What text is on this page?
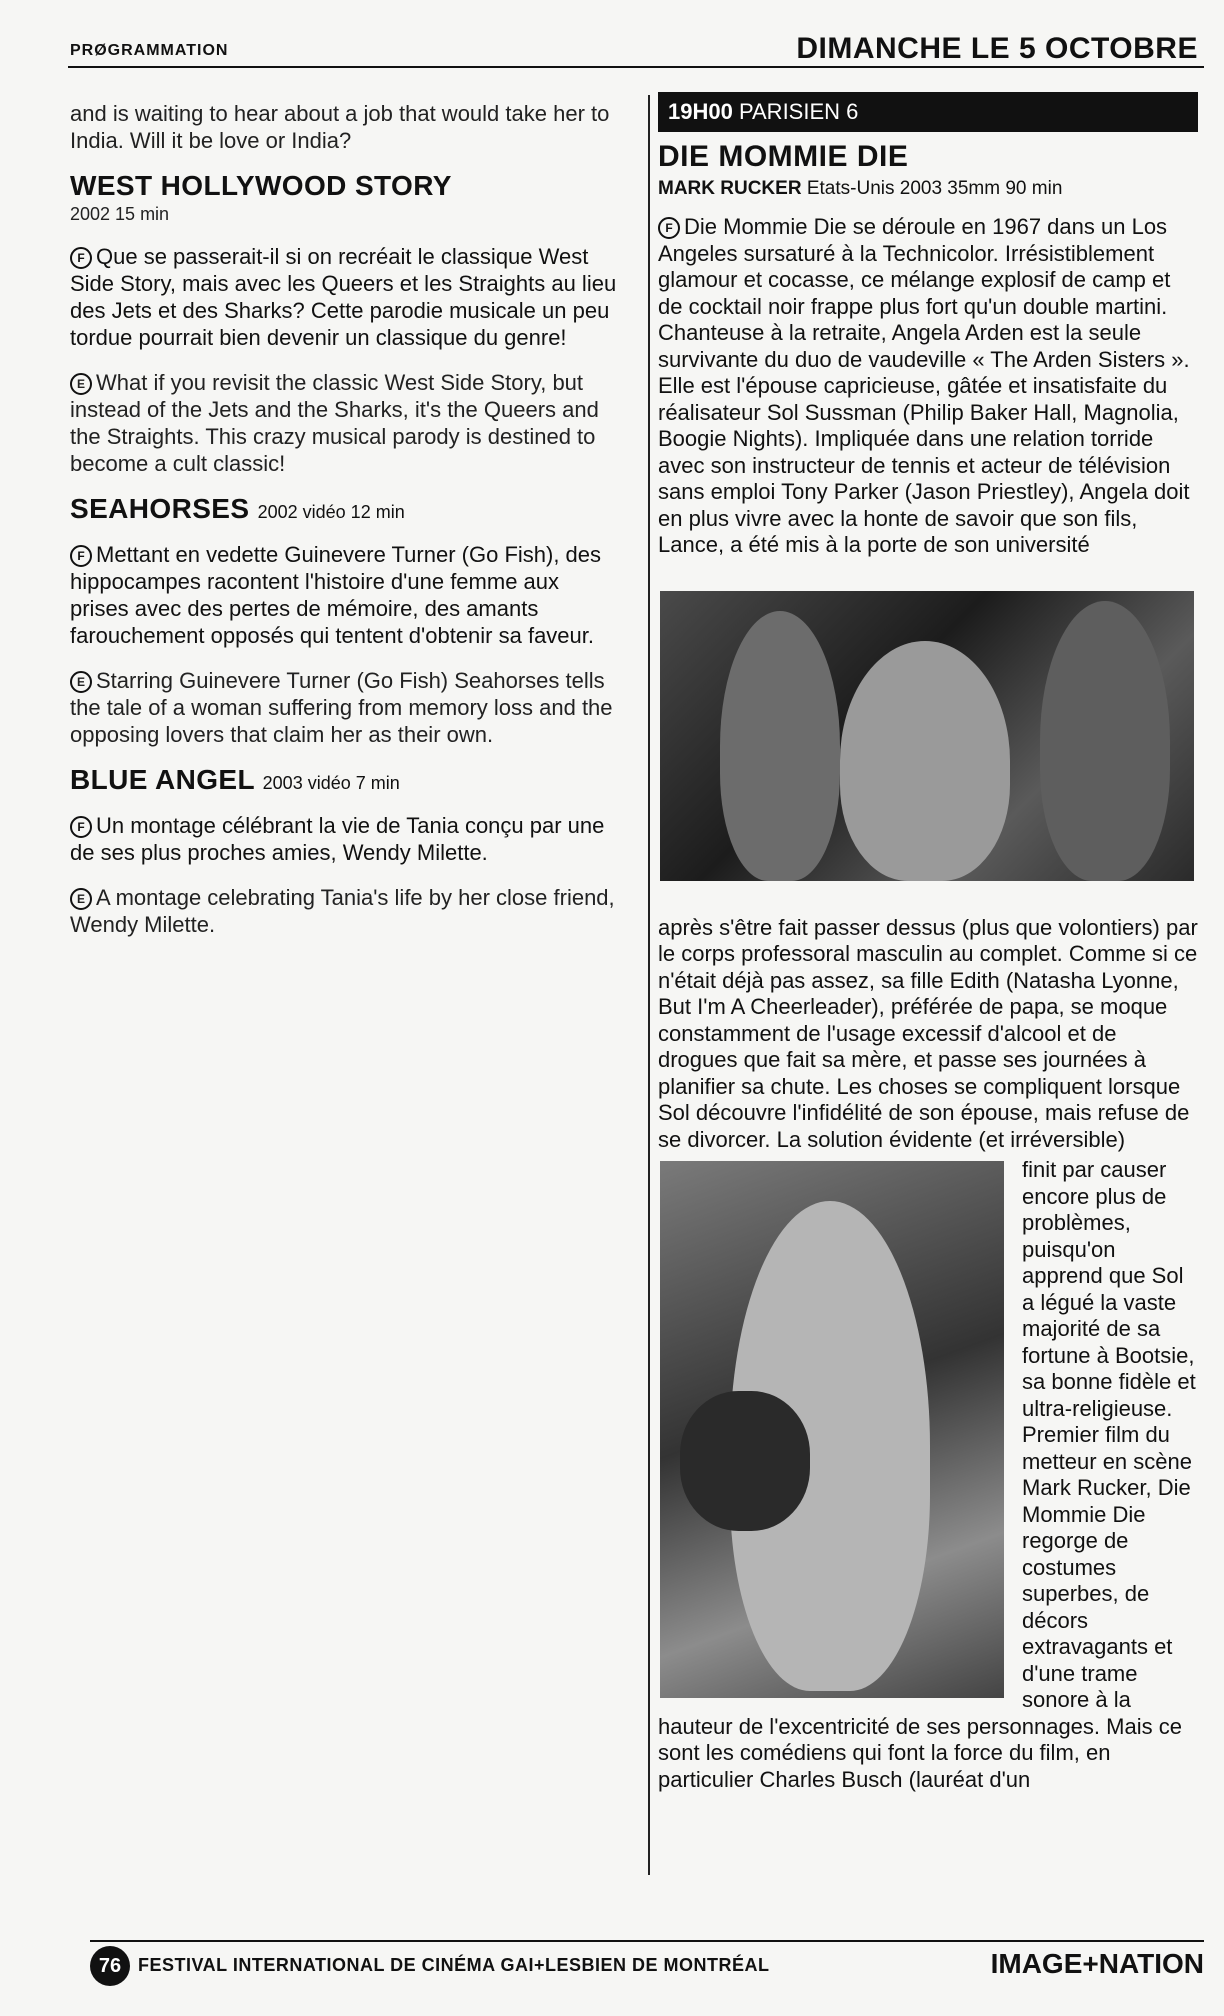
PRØGRAMMATION	DIMANCHE LE 5 OCTOBRE

and is waiting to hear about a job that would take her to India. Will it be love or India?

WEST HOLLYWOOD STORY
2002 15 min

F Que se passerait-il si on recréait le classique West Side Story, mais avec les Queers et les Straights au lieu des Jets et des Sharks? Cette parodie musicale un peu tordue pourrait bien devenir un classique du genre!

E What if you revisit the classic West Side Story, but instead of the Jets and the Sharks, it's the Queers and the Straights. This crazy musical parody is destined to become a cult classic!

SEAHORSES 2002 vidéo 12 min

F Mettant en vedette Guinevere Turner (Go Fish), des hippocampes racontent l'histoire d'une femme aux prises avec des pertes de mémoire, des amants farouchement opposés qui tentent d'obtenir sa faveur.

E Starring Guinevere Turner (Go Fish) Seahorses tells the tale of a woman suffering from memory loss and the opposing lovers that claim her as their own.

BLUE ANGEL 2003 vidéo 7 min

F Un montage célébrant la vie de Tania conçu par une de ses plus proches amies, Wendy Milette.

E A montage celebrating Tania's life by her close friend, Wendy Milette.

19H00 PARISIEN 6
DIE MOMMIE DIE
MARK RUCKER Etats-Unis 2003 35mm 90 min

F Die Mommie Die se déroule en 1967 dans un Los Angeles sursaturé à la Technicolor. Irrésistiblement glamour et cocasse, ce mélange explosif de camp et de cocktail noir frappe plus fort qu'un double martini. Chanteuse à la retraite, Angela Arden est la seule survivante du duo de vaudeville « The Arden Sisters ». Elle est l'épouse capricieuse, gâtée et insatisfaite du réalisateur Sol Sussman (Philip Baker Hall, Magnolia, Boogie Nights). Impliquée dans une relation torride avec son instructeur de tennis et acteur de télévision sans emploi Tony Parker (Jason Priestley), Angela doit en plus vivre avec la honte de savoir que son fils, Lance, a été mis à la porte de son université

après s'être fait passer dessus (plus que volontiers) par le corps professoral masculin au complet. Comme si ce n'était déjà pas assez, sa fille Edith (Natasha Lyonne, But I'm A Cheerleader), préférée de papa, se moque constamment de l'usage excessif d'alcool et de drogues que fait sa mère, et passe ses journées à planifier sa chute. Les choses se compliquent lorsque Sol découvre l'infidélité de son épouse, mais refuse de se divorcer. La solution évidente (et irréversible)

finit par causer encore plus de problèmes, puisqu'on apprend que Sol a légué la vaste majorité de sa fortune à Bootsie, sa bonne fidèle et ultra-religieuse. Premier film du metteur en scène Mark Rucker, Die Mommie Die regorge de costumes superbes, de décors extravagants et d'une trame sonore à la

hauteur de l'excentricité de ses personnages. Mais ce sont les comédiens qui font la force du film, en particulier Charles Busch (lauréat d'un

76 FESTIVAL INTERNATIONAL DE CINÉMA GAI+LESBIEN DE MONTRÉAL	IMAGE+NATION
